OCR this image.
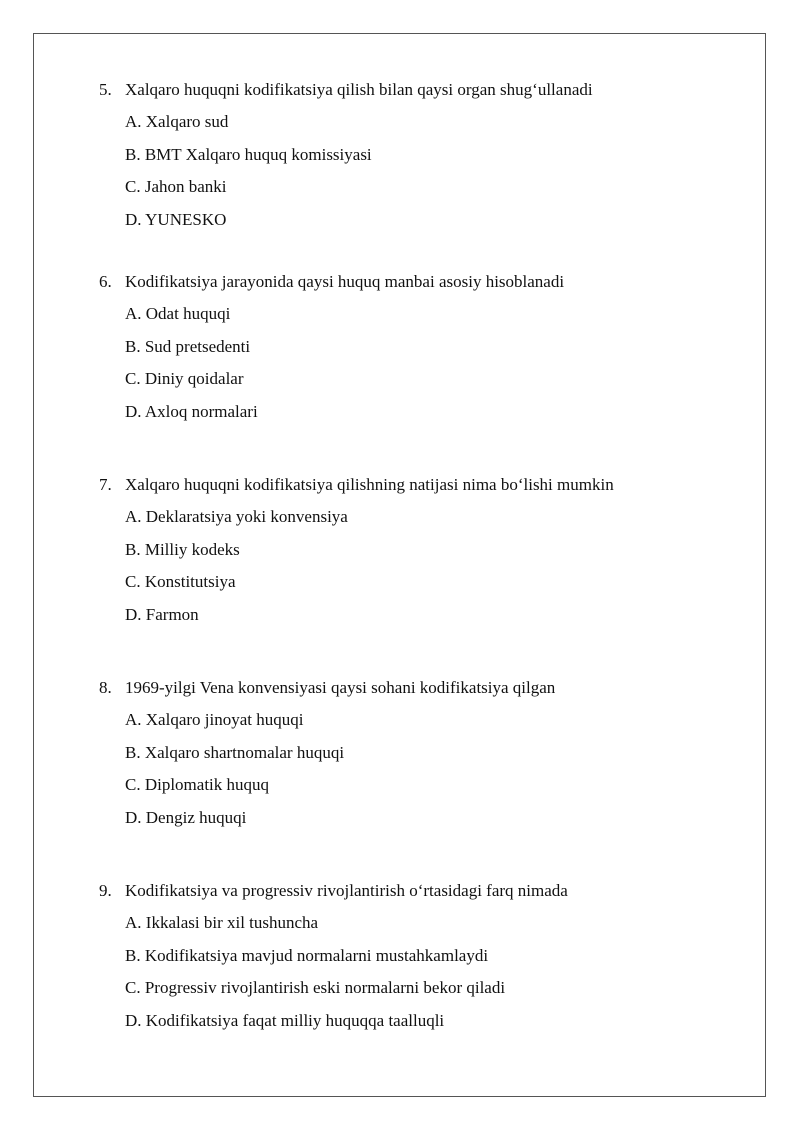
5. Xalqaro huquqni kodifikatsiya qilish bilan qaysi organ shug‘ullanadi
A. Xalqaro sud
B. BMT Xalqaro huquq komissiyasi
C. Jahon banki
D. YUNESKO
6. Kodifikatsiya jarayonida qaysi huquq manbai asosiy hisoblanadi
A. Odat huquqi
B. Sud pretsedenti
C. Diniy qoidalar
D. Axloq normalari
7. Xalqaro huquqni kodifikatsiya qilishning natijasi nima bo‘lishi mumkin
A. Deklaratsiya yoki konvensiya
B. Milliy kodeks
C. Konstitutsiya
D. Farmon
8. 1969-yilgi Vena konvensiyasi qaysi sohani kodifikatsiya qilgan
A. Xalqaro jinoyat huquqi
B. Xalqaro shartnomalar huquqi
C. Diplomatik huquq
D. Dengiz huquqi
9. Kodifikatsiya va progressiv rivojlantirish o‘rtasidagi farq nimada
A. Ikkalasi bir xil tushuncha
B. Kodifikatsiya mavjud normalarni mustahkamlaydi
C. Progressiv rivojlantirish eski normalarni bekor qiladi
D. Kodifikatsiya faqat milliy huquqqa taalluqli
